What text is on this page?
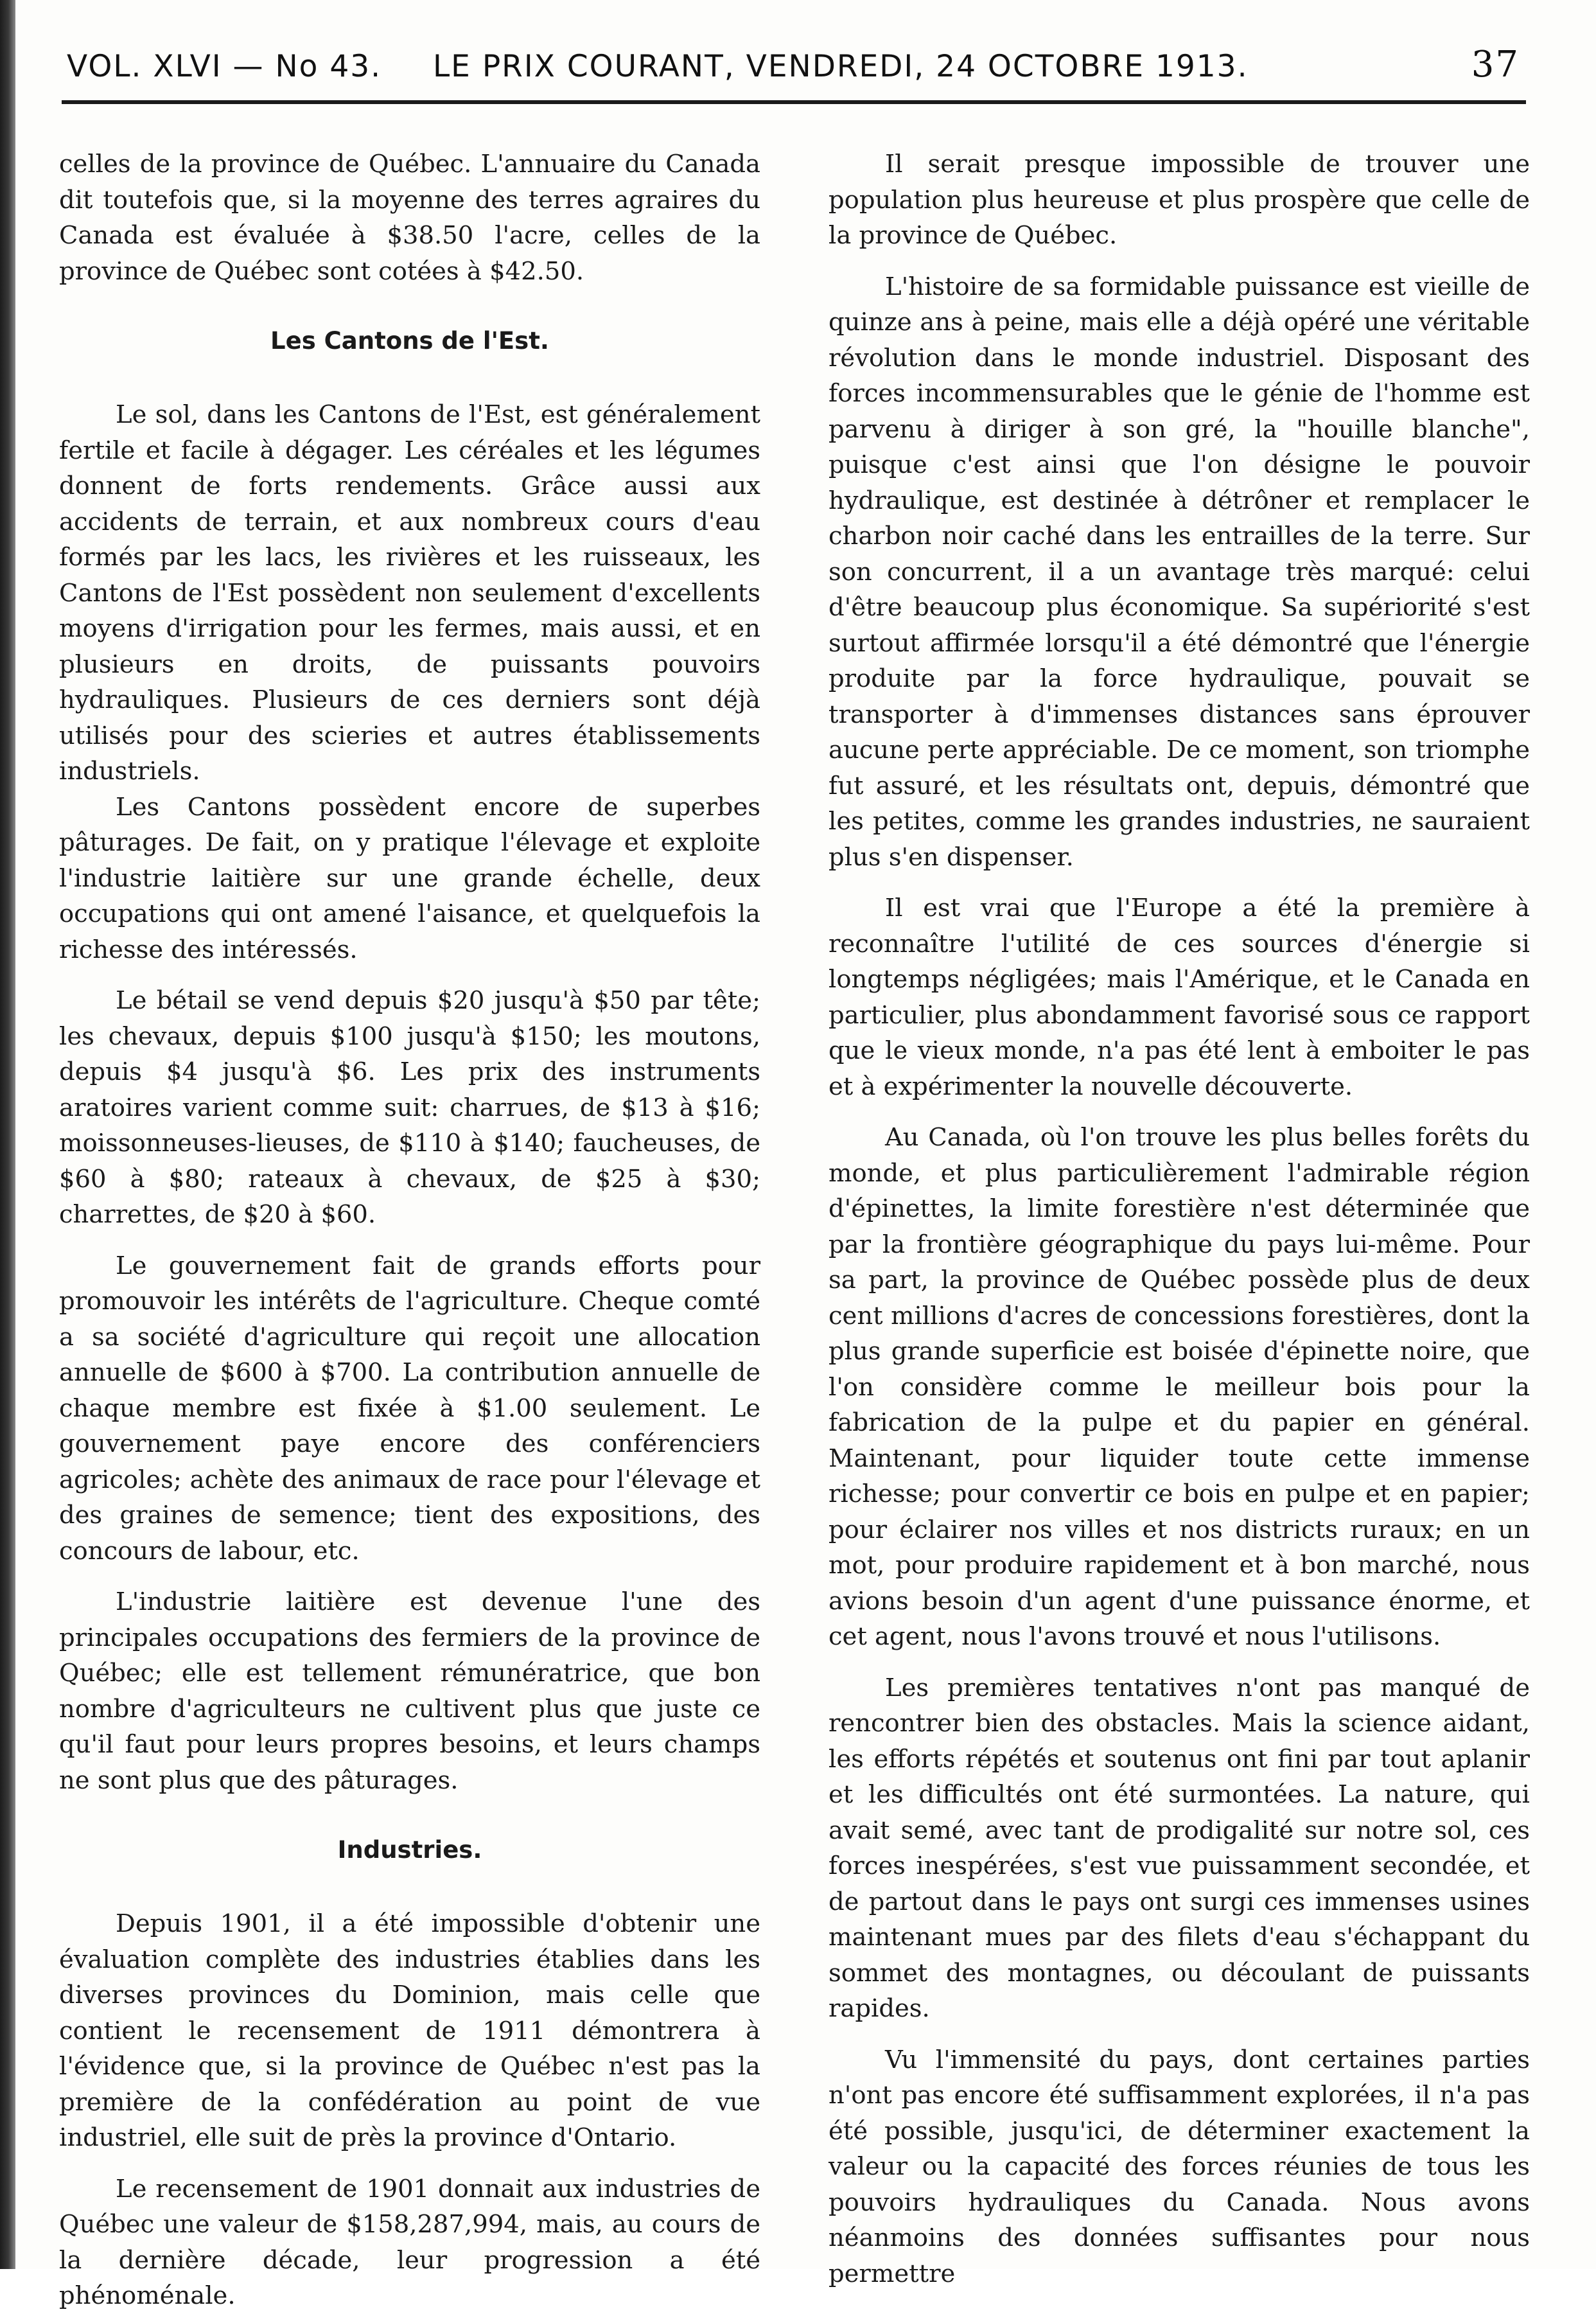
VOL. XLVI — No 43. LE PRIX COURANT, VENDREDI, 24 OCTOBRE 1913.	37

celles de la province de Québec. L'annuaire du Canada dit toutefois que, si la moyenne des terres agraires du Canada est évaluée à $38.50 l'acre, celles de la province de Québec sont cotées à $42.50.

Les Cantons de l'Est.

Le sol, dans les Cantons de l'Est, est généralement fertile et facile à dégager. Les céréales et les légumes donnent de forts rendements. Grâce aussi aux accidents de terrain, et aux nombreux cours d'eau formés par les lacs, les rivières et les ruisseaux, les Cantons de l'Est possèdent non seulement d'excellents moyens d'irrigation pour les fermes, mais aussi, et en plusieurs en droits, de puissants pouvoirs hydrauliques. Plusieurs de ces derniers sont déjà utilisés pour des scieries et autres établissements industriels.

Les Cantons possèdent encore de superbes pâturages. De fait, on y pratique l'élevage et exploite l'industrie laitière sur une grande échelle, deux occupations qui ont amené l'aisance, et quelquefois la richesse des intéressés.

Le bétail se vend depuis $20 jusqu'à $50 par tête; les chevaux, depuis $100 jusqu'à $150; les moutons, depuis $4 jusqu'à $6. Les prix des instruments aratoires varient comme suit: charrues, de $13 à $16; moissonneuses-lieuses, de $110 à $140; faucheuses, de $60 à $80; rateaux à chevaux, de $25 à $30; charrettes, de $20 à $60.

Le gouvernement fait de grands efforts pour promouvoir les intérêts de l'agriculture. Cheque comté a sa société d'agriculture qui reçoit une allocation annuelle de $600 à $700. La contribution annuelle de chaque membre est fixée à $1.00 seulement. Le gouvernement paye encore des conférenciers agricoles; achète des animaux de race pour l'élevage et des graines de semence; tient des expositions, des concours de labour, etc.

L'industrie laitière est devenue l'une des principales occupations des fermiers de la province de Québec; elle est tellement rémunératrice, que bon nombre d'agriculteurs ne cultivent plus que juste ce qu'il faut pour leurs propres besoins, et leurs champs ne sont plus que des pâturages.

Industries.

Depuis 1901, il a été impossible d'obtenir une évaluation complète des industries établies dans les diverses provinces du Dominion, mais celle que contient le recensement de 1911 démontrera à l'évidence que, si la province de Québec n'est pas la première de la confédération au point de vue industriel, elle suit de près la province d'Ontario.

Le recensement de 1901 donnait aux industries de Québec une valeur de $158,287,994, mais, au cours de la dernière décade, leur progression a été phénoménale.

Il serait presque impossible de trouver une population plus heureuse et plus prospère que celle de la province de Québec.

L'histoire de sa formidable puissance est vieille de quinze ans à peine, mais elle a déjà opéré une véritable révolution dans le monde industriel. Disposant des forces incommensurables que le génie de l'homme est parvenu à diriger à son gré, la "houille blanche", puisque c'est ainsi que l'on désigne le pouvoir hydraulique, est destinée à détrôner et remplacer le charbon noir caché dans les entrailles de la terre. Sur son concurrent, il a un avantage très marqué: celui d'être beaucoup plus économique. Sa supériorité s'est surtout affirmée lorsqu'il a été démontré que l'énergie produite par la force hydraulique, pouvait se transporter à d'immenses distances sans éprouver aucune perte appréciable. De ce moment, son triomphe fut assuré, et les résultats ont, depuis, démontré que les petites, comme les grandes industries, ne sauraient plus s'en dispenser.

Il est vrai que l'Europe a été la première à reconnaître l'utilité de ces sources d'énergie si longtemps négligées; mais l'Amérique, et le Canada en particulier, plus abondamment favorisé sous ce rapport que le vieux monde, n'a pas été lent à emboiter le pas et à expérimenter la nouvelle découverte.

Au Canada, où l'on trouve les plus belles forêts du monde, et plus particulièrement l'admirable région d'épinettes, la limite forestière n'est déterminée que par la frontière géographique du pays lui-même. Pour sa part, la province de Québec possède plus de deux cent millions d'acres de concessions forestières, dont la plus grande superficie est boisée d'épinette noire, que l'on considère comme le meilleur bois pour la fabrication de la pulpe et du papier en général. Maintenant, pour liquider toute cette immense richesse; pour convertir ce bois en pulpe et en papier; pour éclairer nos villes et nos districts ruraux; en un mot, pour produire rapidement et à bon marché, nous avions besoin d'un agent d'une puissance énorme, et cet agent, nous l'avons trouvé et nous l'utilisons.

Les premières tentatives n'ont pas manqué de rencontrer bien des obstacles. Mais la science aidant, les efforts répétés et soutenus ont fini par tout aplanir et les difficultés ont été surmontées. La nature, qui avait semé, avec tant de prodigalité sur notre sol, ces forces inespérées, s'est vue puissamment secondée, et de partout dans le pays ont surgi ces immenses usines maintenant mues par des filets d'eau s'échappant du sommet des montagnes, ou découlant de puissants rapides.

Vu l'immensité du pays, dont certaines parties n'ont pas encore été suffisamment explorées, il n'a pas été possible, jusqu'ici, de déterminer exactement la valeur ou la capacité des forces réunies de tous les pouvoirs hydrauliques du Canada. Nous avons néanmoins des données suffisantes pour nous permettre
